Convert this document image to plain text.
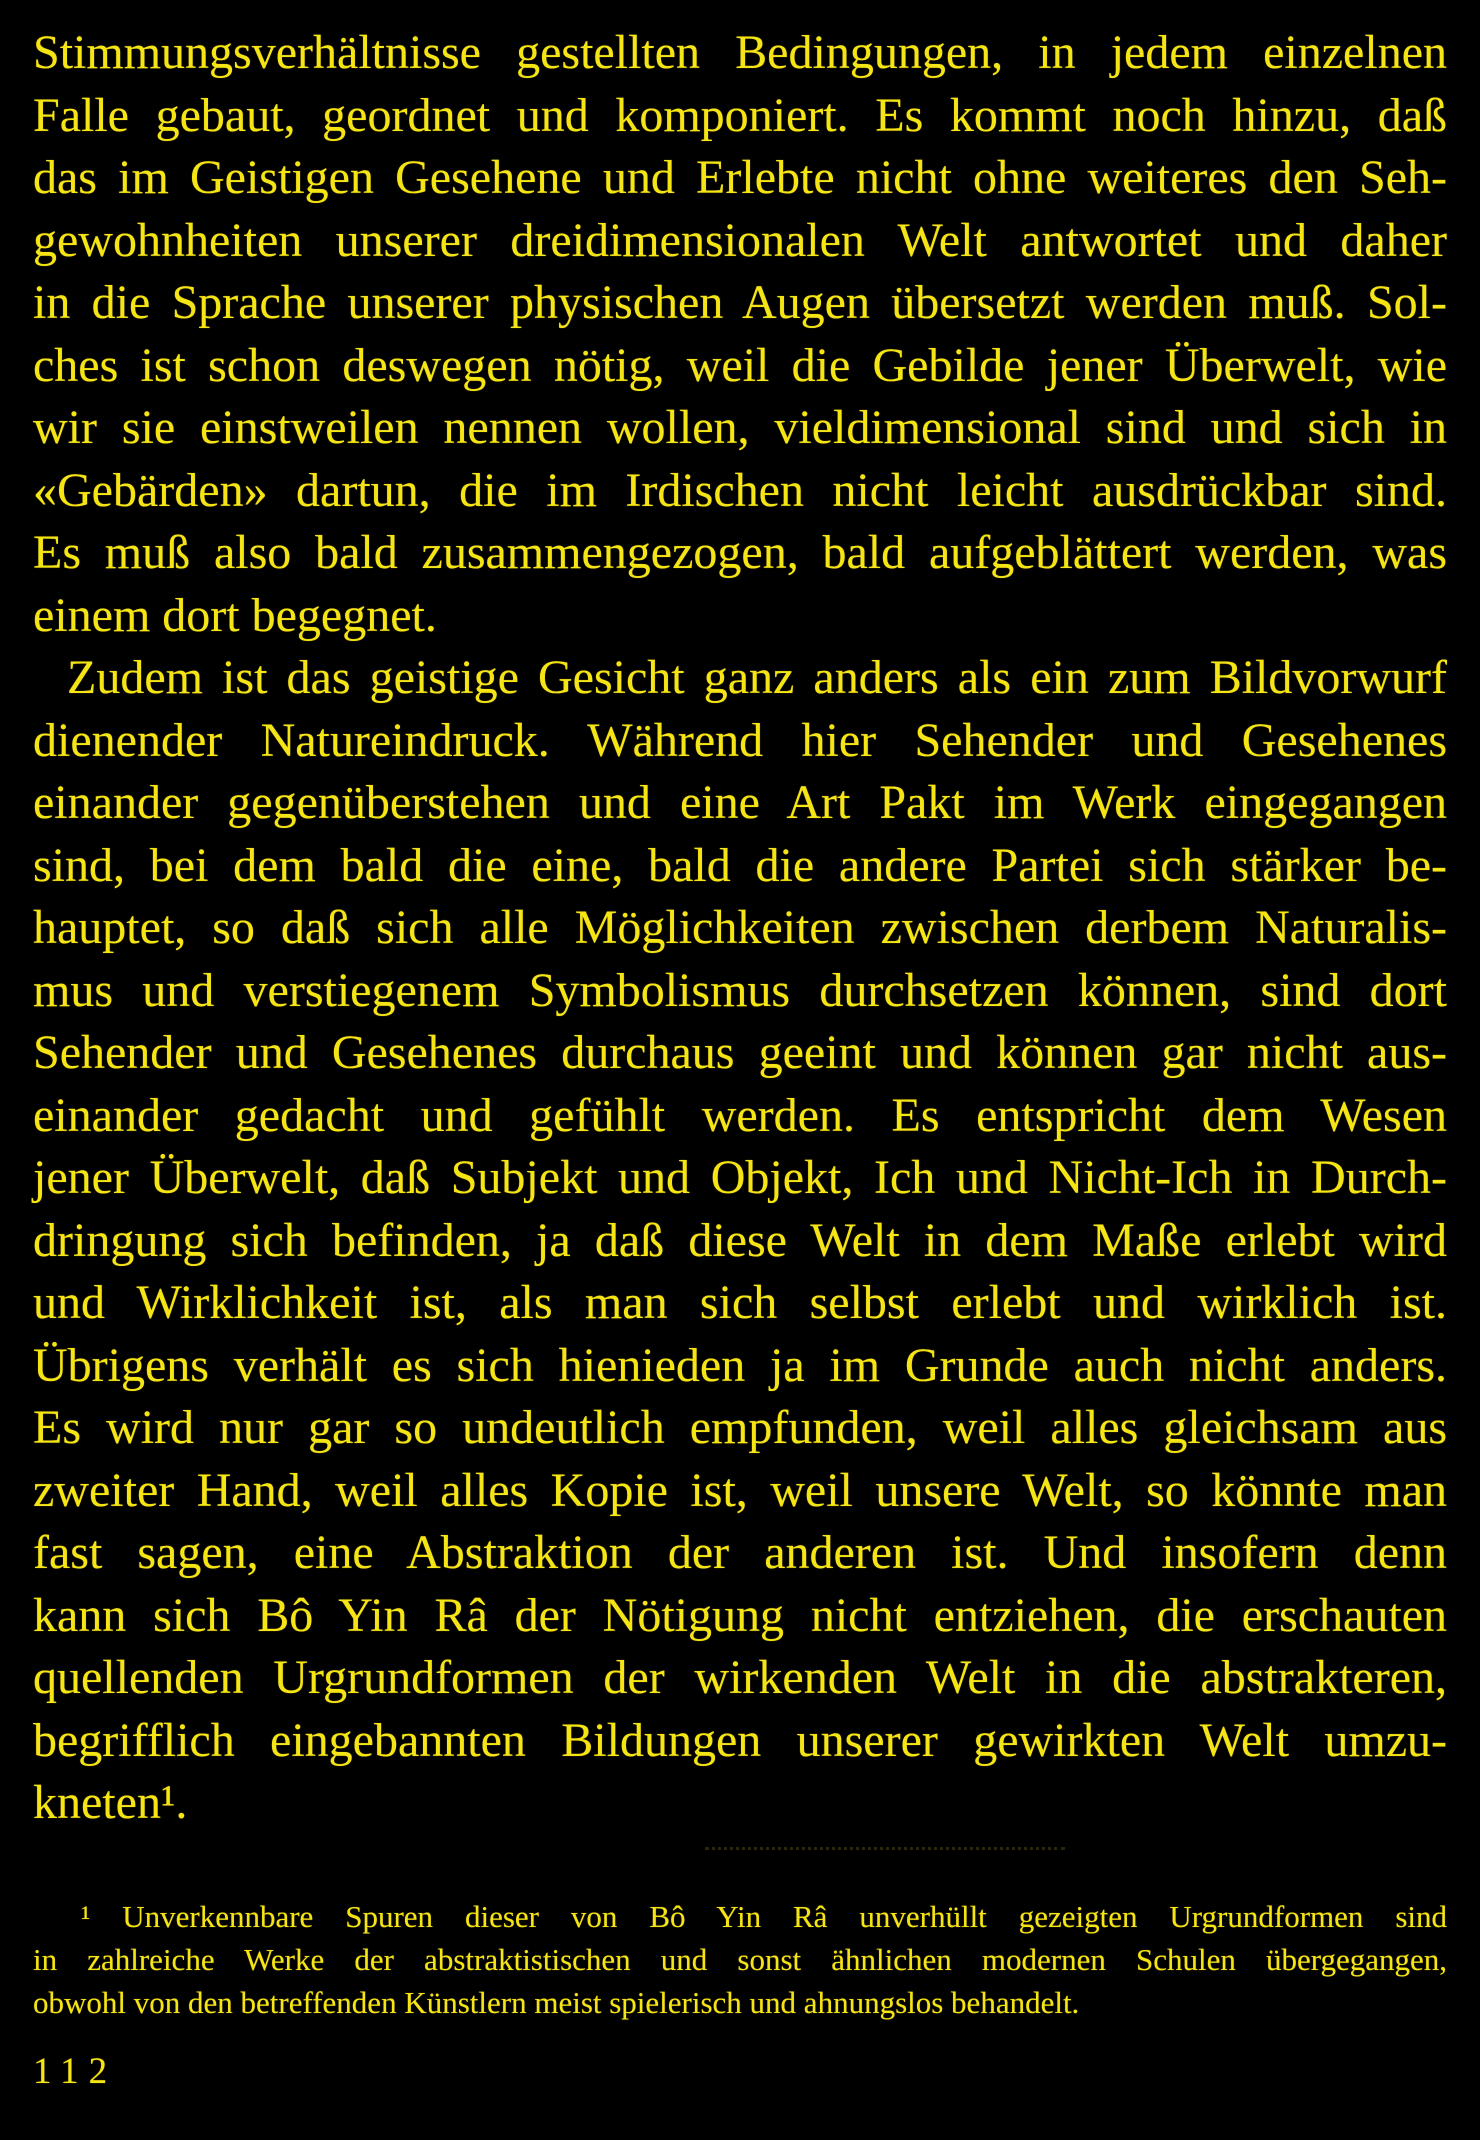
Stimmungsverhältnisse gestellten Bedingungen, in jedem einzelnen
Falle gebaut, geordnet und komponiert. Es kommt noch hinzu, daß
das im Geistigen Gesehene und Erlebte nicht ohne weiteres den Seh-
gewohnheiten unserer dreidimensionalen Welt antwortet und daher
in die Sprache unserer physischen Augen übersetzt werden muß. Sol-
ches ist schon deswegen nötig, weil die Gebilde jener Überwelt, wie
wir sie einstweilen nennen wollen, vieldimensional sind und sich in
«Gebärden» dartun, die im Irdischen nicht leicht ausdrückbar sind.
Es muß also bald zusammengezogen, bald aufgeblättert werden, was
einem dort begegnet.
Zudem ist das geistige Gesicht ganz anders als ein zum Bildvorwurf
dienender Natureindruck. Während hier Sehender und Gesehenes
einander gegenüberstehen und eine Art Pakt im Werk eingegangen
sind, bei dem bald die eine, bald die andere Partei sich stärker be-
hauptet, so daß sich alle Möglichkeiten zwischen derbem Naturalis-
mus und verstiegenem Symbolismus durchsetzen können, sind dort
Sehender und Gesehenes durchaus geeint und können gar nicht aus-
einander gedacht und gefühlt werden. Es entspricht dem Wesen
jener Überwelt, daß Subjekt und Objekt, Ich und Nicht-Ich in Durch-
dringung sich befinden, ja daß diese Welt in dem Maße erlebt wird
und Wirklichkeit ist, als man sich selbst erlebt und wirklich ist.
Übrigens verhält es sich hienieden ja im Grunde auch nicht anders.
Es wird nur gar so undeutlich empfunden, weil alles gleichsam aus
zweiter Hand, weil alles Kopie ist, weil unsere Welt, so könnte man
fast sagen, eine Abstraktion der anderen ist. Und insofern denn
kann sich Bô Yin Râ der Nötigung nicht entziehen, die erschauten
quellenden Urgrundformen der wirkenden Welt in die abstrakteren,
begrifflich eingebannten Bildungen unserer gewirkten Welt umzu-
kneten¹.
¹ Unverkennbare Spuren dieser von Bô Yin Râ unverhüllt gezeigten Urgrundformen sind
in zahlreiche Werke der abstraktistischen und sonst ähnlichen modernen Schulen übergegangen,
obwohl von den betreffenden Künstlern meist spielerisch und ahnungslos behandelt.
112
